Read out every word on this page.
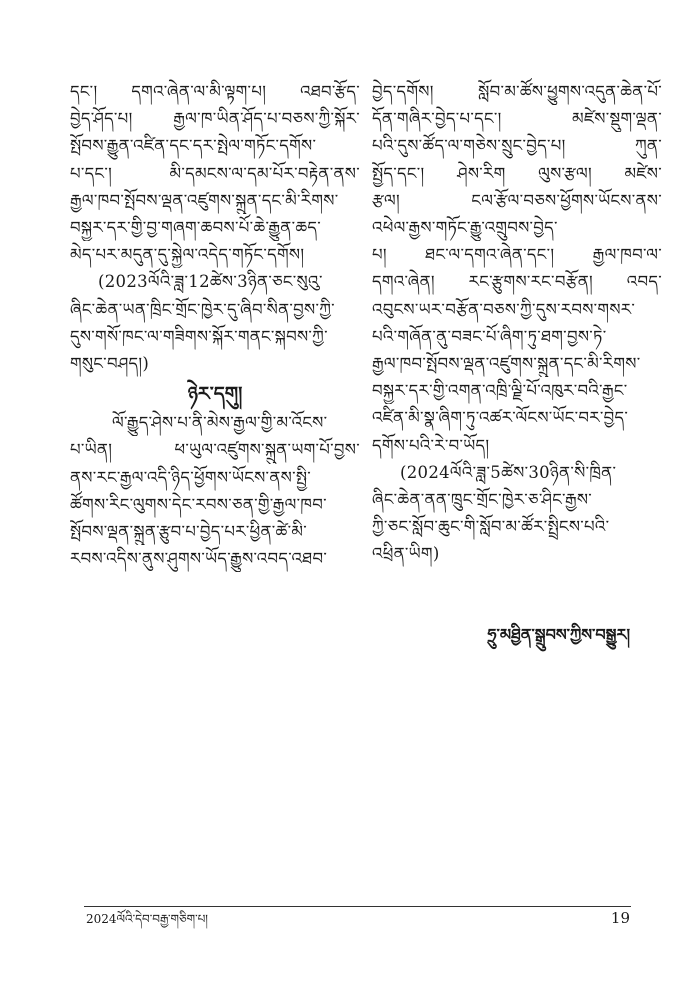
དང་། དགའ་ཞེན་ལ་མི་ལྟག་པ། འཐབ་རྩོད་
བྱེད་ཤོད་པ། རྒྱལ་ཁ་ཡིན་ཤོད་པ་བཅས་ཀྱི་སྐོར་
སྤོབས་རྒྱུན་འཛིན་དང་དར་སྤེལ་གཏོང་དགོས་
པ་དང་། མི་དམངས་ལ་དམ་པོར་བརྟེན་ནས་
རྒྱལ་ཁབ་སྤོབས་ལྡན་འཛུགས་སྐྲུན་དང་མི་རིགས་
བསྐྱར་དར་གྱི་བྱ་གཞག་ཆབས་པོ་ཆེ་རྒྱུན་ཆད་
མེད་པར་མདུན་དུ་སྐྱེལ་འདེད་གཏོང་དགོས།
(2023ལོའི་ཟླ་12ཚེས་3ཉིན་ཅང་སུའུ་
ཞིང་ཆེན་ཡན་ཁྲིང་གྲོང་ཁྱེར་དུ་ཞིབ་སིན་བྱས་ཀྱི་
དུས་གསོ་ཁང་ལ་གཟིགས་སྐོར་གནང་སྐབས་ཀྱི་
གསུང་བཤད།)
ཉེར་དགུ།
ལོ་རྒྱུད་ཤེས་པ་ནི་མེས་རྒྱལ་གྱི་མ་འོངས་
པ་ཡིན། ཕ་ཡུལ་འཛུགས་སྐྲུན་ཡག་པོ་བྱས་
ནས་རང་རྒྱལ་འདི་ཉིད་ཕྱོགས་ཡོངས་ནས་སྤྱི་
ཚོགས་རིང་ལུགས་དེང་རབས་ཅན་གྱི་རྒྱལ་ཁབ་
སྤོབས་ལྡན་སྐྲུན་རྩུབ་པ་བྱེད་པར་ཕྱིན་ཚེ་མི་
རབས་འདིས་ནུས་ཤུགས་ཡོད་རྒྱུས་འབད་འཐབ་
བྱེད་དགོས། སློབ་མ་ཚོས་ཕྱུགས་འདུན་ཆེན་པོ་
དོན་གཞིར་བྱེད་པ་དང་། མཛེས་སྡུག་ལྡན་
པའི་དུས་ཚོད་ལ་གཅེས་སྲུང་བྱེད་པ། ཀུན་
སྤྱོད་དང་། ཤེས་རིག ལུས་རྩལ། མཛེས་
རྩལ། ངལ་རྩོལ་བཅས་ཕྱོགས་ཡོངས་ནས་
འཕེལ་རྒྱས་གཏོང་རྒྱུ་འགྲུབས་བྱེད་
པ། ཐང་ལ་དགའ་ཞེན་དང་། རྒྱལ་ཁབ་ལ་
དགའ་ཞེན། རང་རྩུགས་རང་བརྩོན། འབད་
འབུངས་ཡར་བརྩོན་བཅས་ཀྱི་དུས་རབས་གསར་
པའི་གཞོན་ནུ་བཟང་པོ་ཞིག་ཏུ་ཐག་བྱས་ཏེ་
རྒྱལ་ཁབ་སྤོབས་ལྡན་འཛུགས་སྐྲུན་དང་མི་རིགས་
བསྐྱར་དར་གྱི་འགན་འཁྲི་ལྗི་པོ་འཁུར་བའི་རྒྱང་
འཛིན་མི་སྣ་ཞིག་ཏུ་འཚར་ལོངས་ཡོང་བར་བྱེད་
དགོས་པའི་རེ་བ་ཡོད།
(2024ལོའི་ཟླ་5ཚེས་30ཉིན་སི་ཁྲིན་
ཞིང་ཆེན་ནན་ཁྲུང་གྲོང་ཁྱེར་ཅ་ཤིང་རྒྱས་
ཀྱི་ཅང་སློབ་ཆུང་གི་སློབ་མ་ཚོར་སྤྲིངས་པའི་
འཕྲིན་ཡིག)
ཧྲུ་མཐྱིན་སྒྲུབས་ཀྱིས་བསྒྱུར།
2024ལོའི་དེབ་བརྒྱ་གཅིག་པ།	19
